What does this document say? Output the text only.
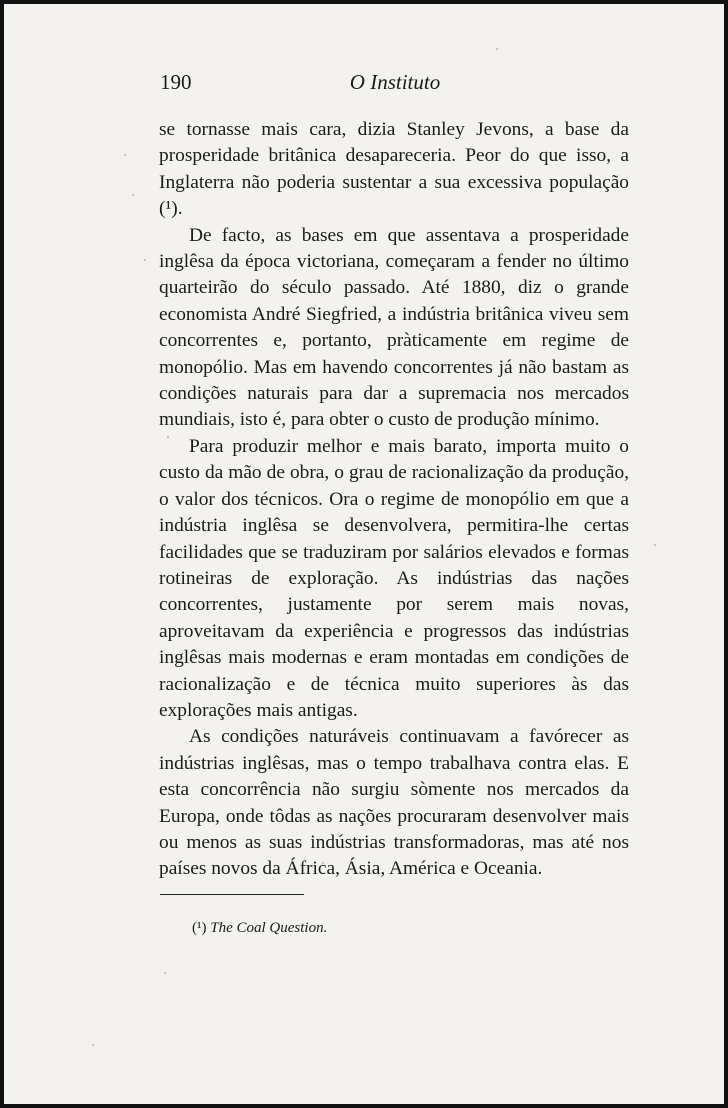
190	O Instituto

se tornasse mais cara, dizia Stanley Jevons, a base da prosperidade britânica desapareceria. Peor do que isso, a Inglaterra não poderia sustentar a sua excessiva população (¹).

De facto, as bases em que assentava a prosperidade inglêsa da época victoriana, começaram a fender no último quarteirão do século passado. Até 1880, diz o grande economista André Siegfried, a indústria britânica viveu sem concorrentes e, portanto, pràticamente em regime de monopólio. Mas em havendo concorrentes já não bastam as condições naturais para dar a supremacia nos mercados mundiais, isto é, para obter o custo de produção mínimo.

Para produzir melhor e mais barato, importa muito o custo da mão de obra, o grau de racionalização da produção, o valor dos técnicos. Ora o regime de monopólio em que a indústria inglêsa se desenvolvera, permitira-lhe certas facilidades que se traduziram por salários elevados e formas rotineiras de exploração. As indústrias das nações concorrentes, justamente por serem mais novas, aproveitavam da experiência e progressos das indústrias inglêsas mais modernas e eram montadas em condições de racionalização e de técnica muito superiores às das explorações mais antigas.

As condições naturáveis continuavam a favórecer as indústrias inglêsas, mas o tempo trabalhava contra elas. E esta concorrência não surgiu sòmente nos mercados da Europa, onde tôdas as nações procuraram desenvolver mais ou menos as suas indústrias transformadoras, mas até nos países novos da África, Ásia, América e Oceania.

(¹) The Coal Question.
